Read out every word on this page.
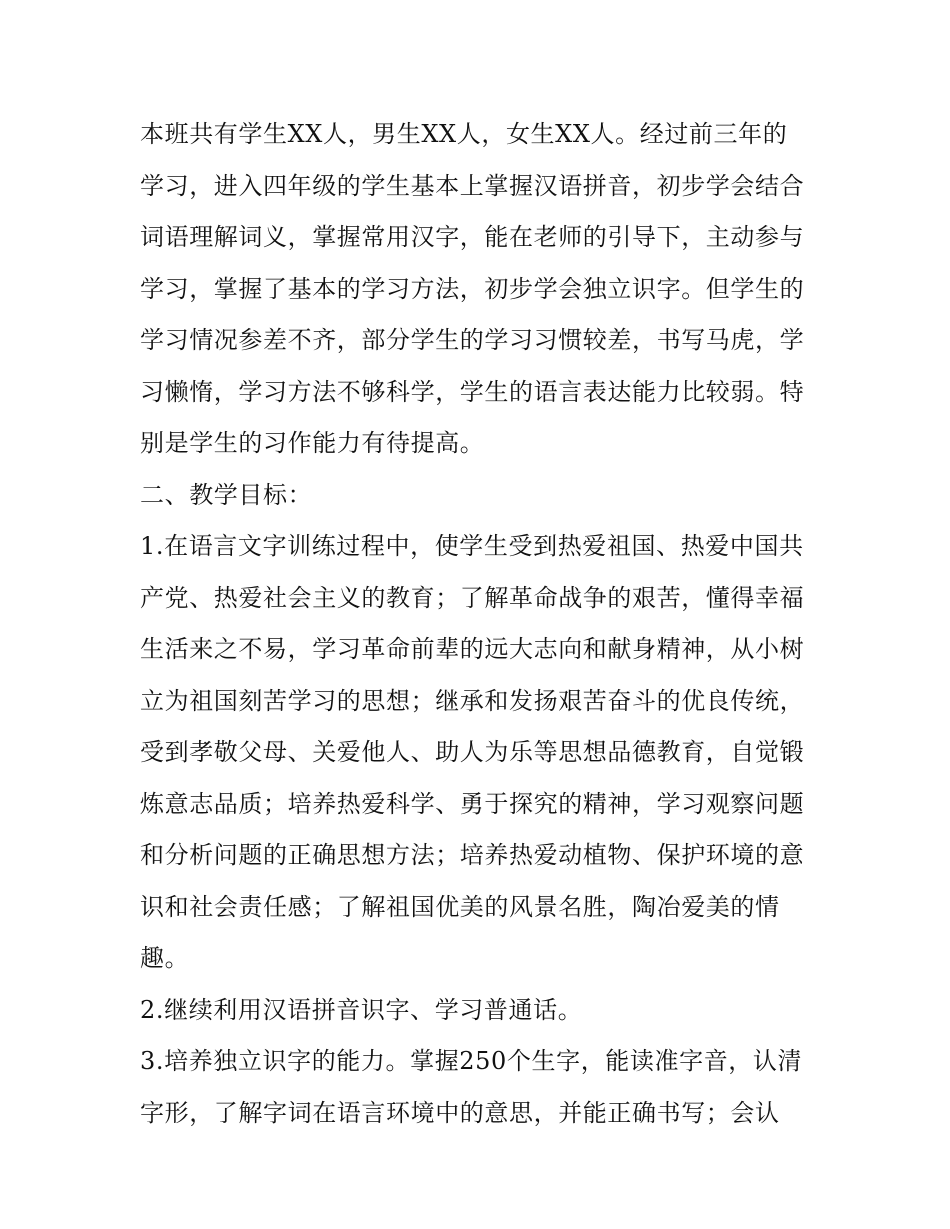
本班共有学生XX人，男生XX人，女生XX人。经过前三年的
学习，进入四年级的学生基本上掌握汉语拼音，初步学会结合
词语理解词义，掌握常用汉字，能在老师的引导下，主动参与
学习，掌握了基本的学习方法，初步学会独立识字。但学生的
学习情况参差不齐，部分学生的学习习惯较差，书写马虎，学
习懒惰，学习方法不够科学，学生的语言表达能力比较弱。特
别是学生的习作能力有待提高。
二、教学目标：
1.在语言文字训练过程中，使学生受到热爱祖国、热爱中国共
产党、热爱社会主义的教育；了解革命战争的艰苦，懂得幸福
生活来之不易，学习革命前辈的远大志向和献身精神，从小树
立为祖国刻苦学习的思想；继承和发扬艰苦奋斗的优良传统，
受到孝敬父母、关爱他人、助人为乐等思想品德教育，自觉锻
炼意志品质；培养热爱科学、勇于探究的精神，学习观察问题
和分析问题的正确思想方法；培养热爱动植物、保护环境的意
识和社会责任感；了解祖国优美的风景名胜，陶冶爱美的情
趣。
2.继续利用汉语拼音识字、学习普通话。
3.培养独立识字的能力。掌握250个生字，能读准字音，认清
字形，了解字词在语言环境中的意思，并能正确书写；会认
